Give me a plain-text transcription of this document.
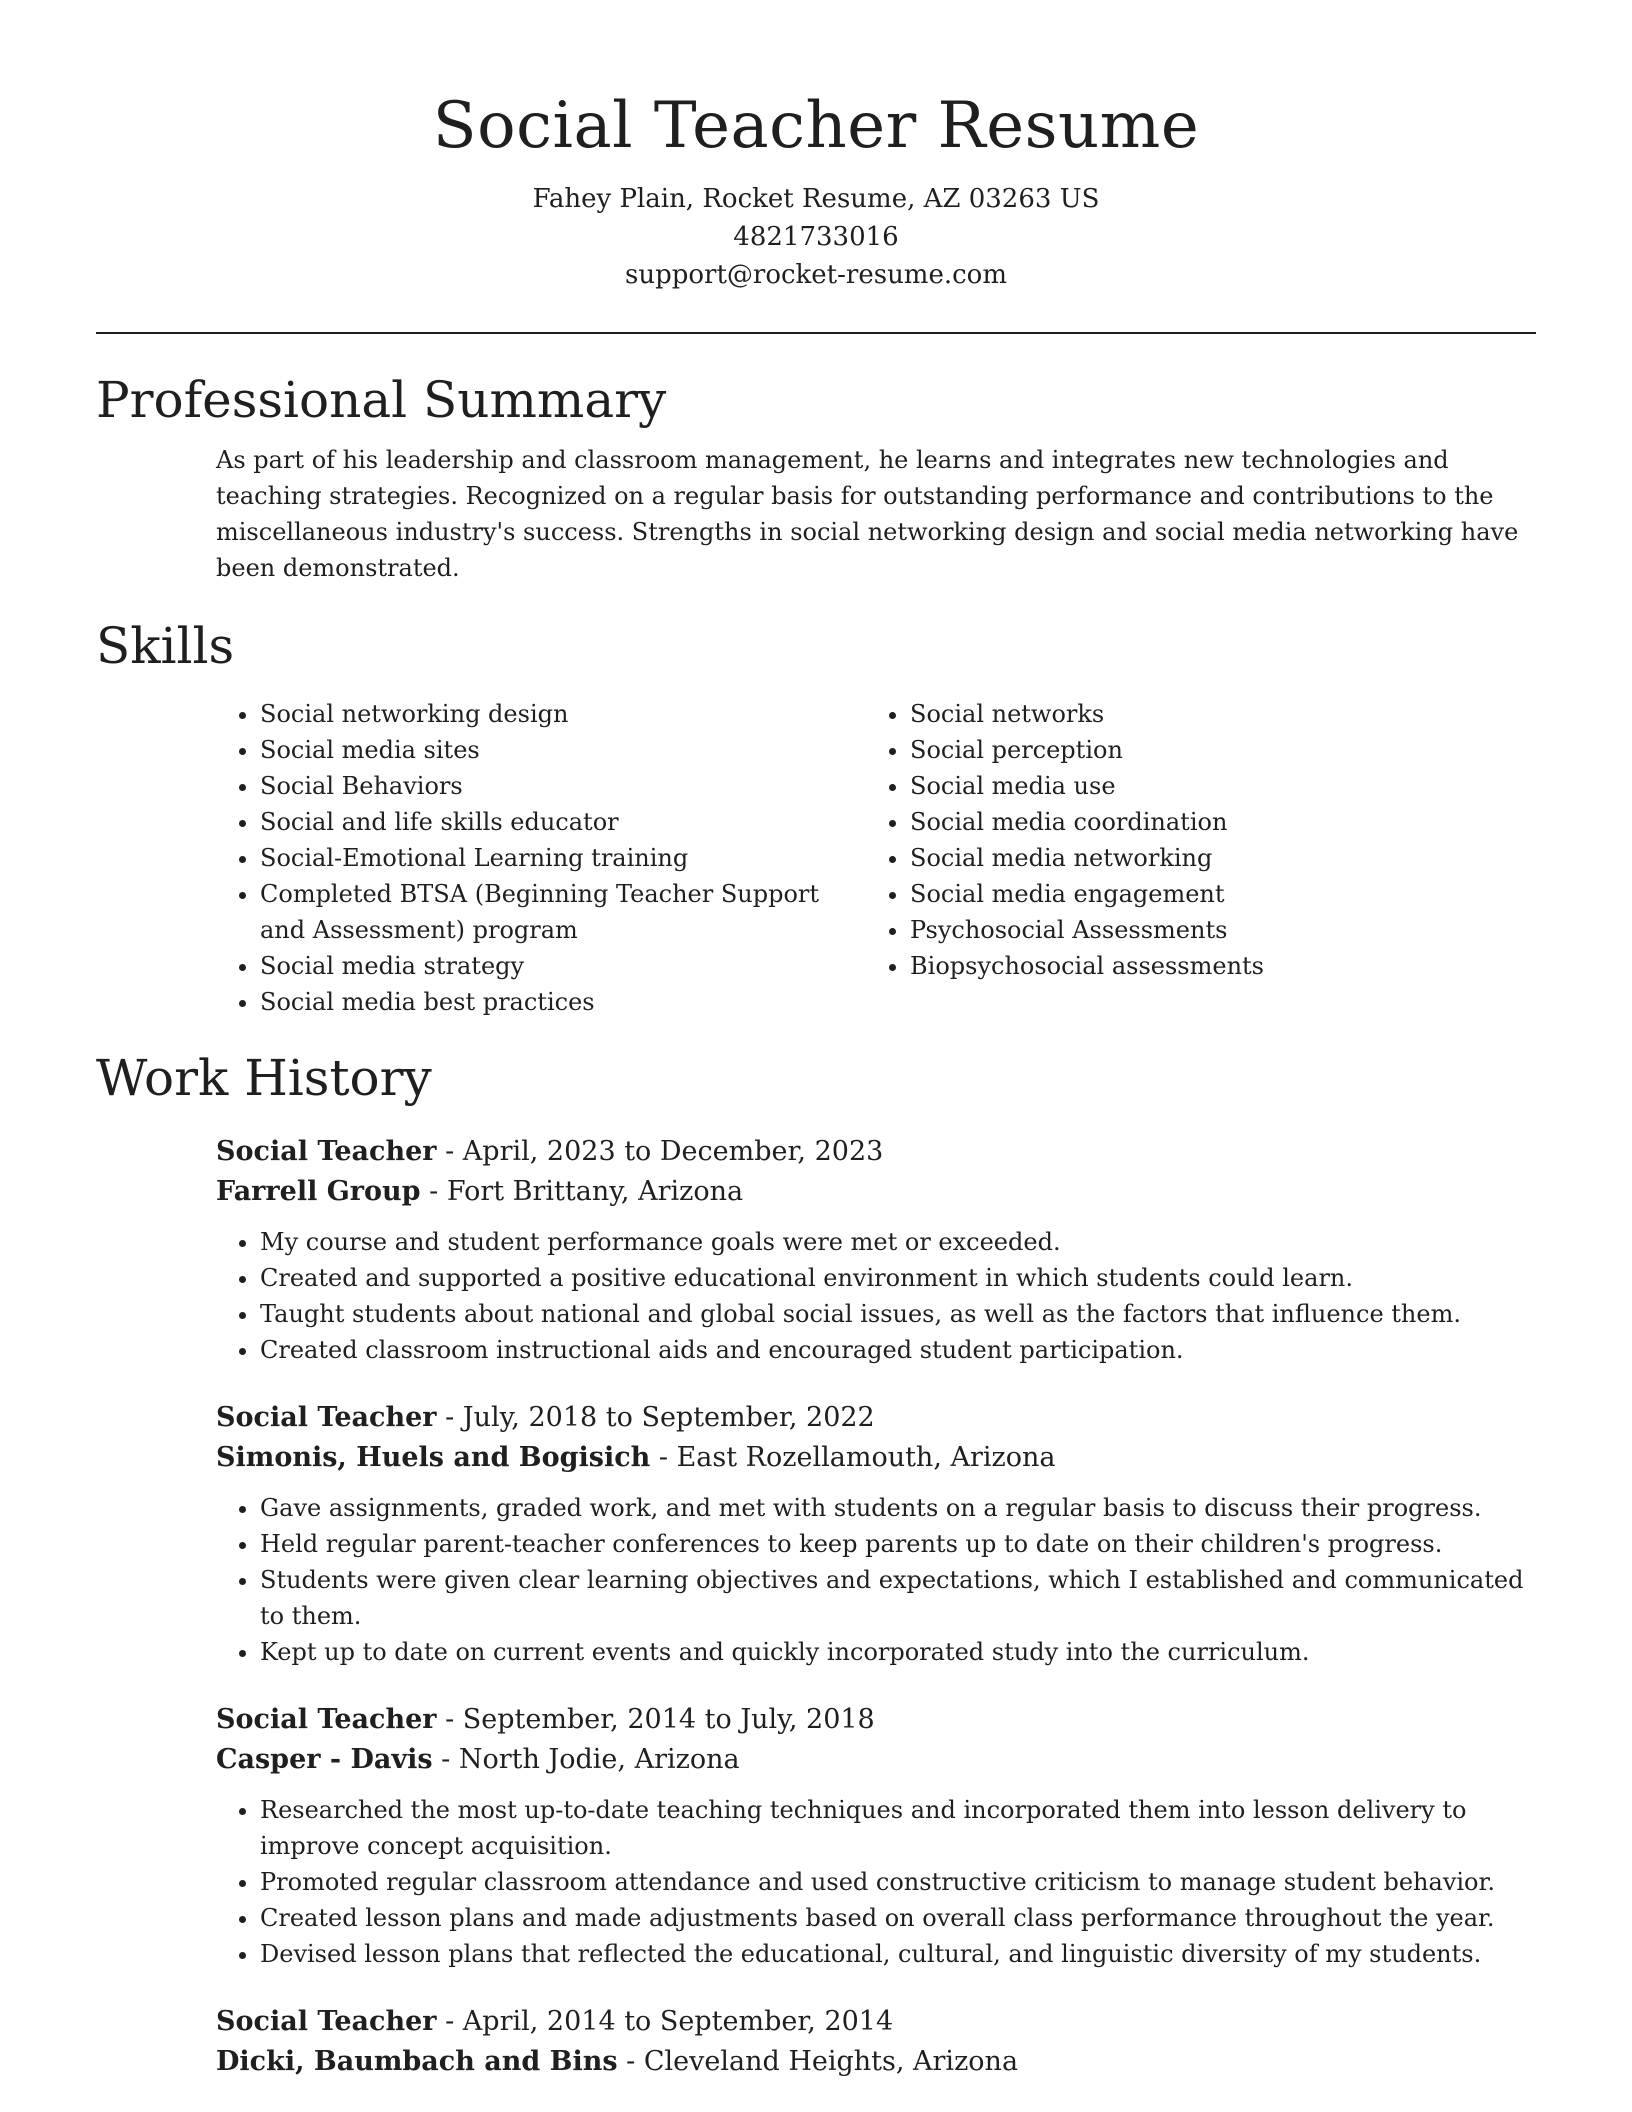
Social Teacher Resume

Fahey Plain, Rocket Resume, AZ 03263 US

4821733016

support@rocket-resume.com

Professional Summary

As part of his leadership and classroom management, he learns and integrates new technologies and teaching strategies. Recognized on a regular basis for outstanding performance and contributions to the miscellaneous industry's success. Strengths in social networking design and social media networking have been demonstrated.

Skills
• Social networking design
• Social media sites
• Social Behaviors
• Social and life skills educator
• Social-Emotional Learning training
• Completed BTSA (Beginning Teacher Support and Assessment) program
• Social media strategy
• Social media best practices
• Social networks
• Social perception
• Social media use
• Social media coordination
• Social media networking
• Social media engagement
• Psychosocial Assessments
• Biopsychosocial assessments
Work History

Social Teacher - April, 2023 to December, 2023

Farrell Group - Fort Brittany, Arizona

• My course and student performance goals were met or exceeded.
• Created and supported a positive educational environment in which students could learn.
• Taught students about national and global social issues, as well as the factors that influence them.
• Created classroom instructional aids and encouraged student participation.

Social Teacher - July, 2018 to September, 2022

Simonis, Huels and Bogisich - East Rozellamouth, Arizona

• Gave assignments, graded work, and met with students on a regular basis to discuss their progress.
• Held regular parent-teacher conferences to keep parents up to date on their children's progress.
• Students were given clear learning objectives and expectations, which I established and communicated to them.
• Kept up to date on current events and quickly incorporated study into the curriculum.

Social Teacher - September, 2014 to July, 2018

Casper - Davis - North Jodie, Arizona

• Researched the most up-to-date teaching techniques and incorporated them into lesson delivery to improve concept acquisition.
• Promoted regular classroom attendance and used constructive criticism to manage student behavior.
• Created lesson plans and made adjustments based on overall class performance throughout the year.
• Devised lesson plans that reflected the educational, cultural, and linguistic diversity of my students.

Social Teacher - April, 2014 to September, 2014

Dicki, Baumbach and Bins - Cleveland Heights, Arizona
